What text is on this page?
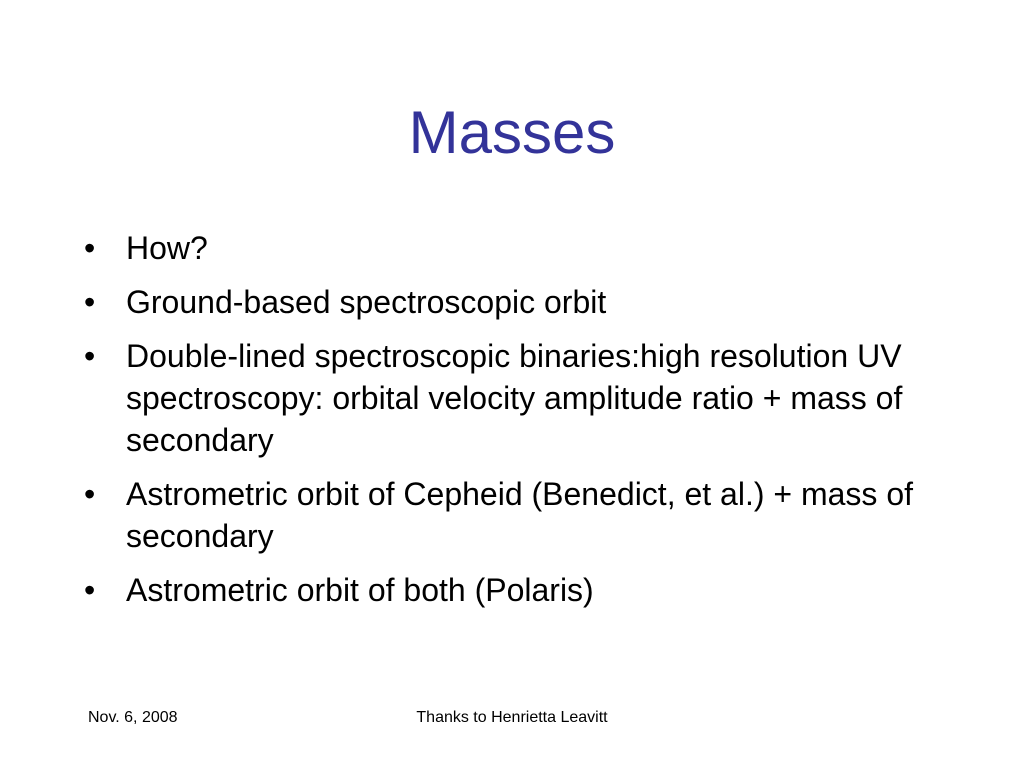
Masses
• How?
• Ground-based spectroscopic orbit
• Double-lined spectroscopic binaries:high resolution UV spectroscopy: orbital velocity amplitude ratio + mass of secondary
• Astrometric orbit of Cepheid (Benedict, et al.) + mass of secondary
• Astrometric orbit of both (Polaris)
Nov. 6, 2008	Thanks to Henrietta Leavitt
